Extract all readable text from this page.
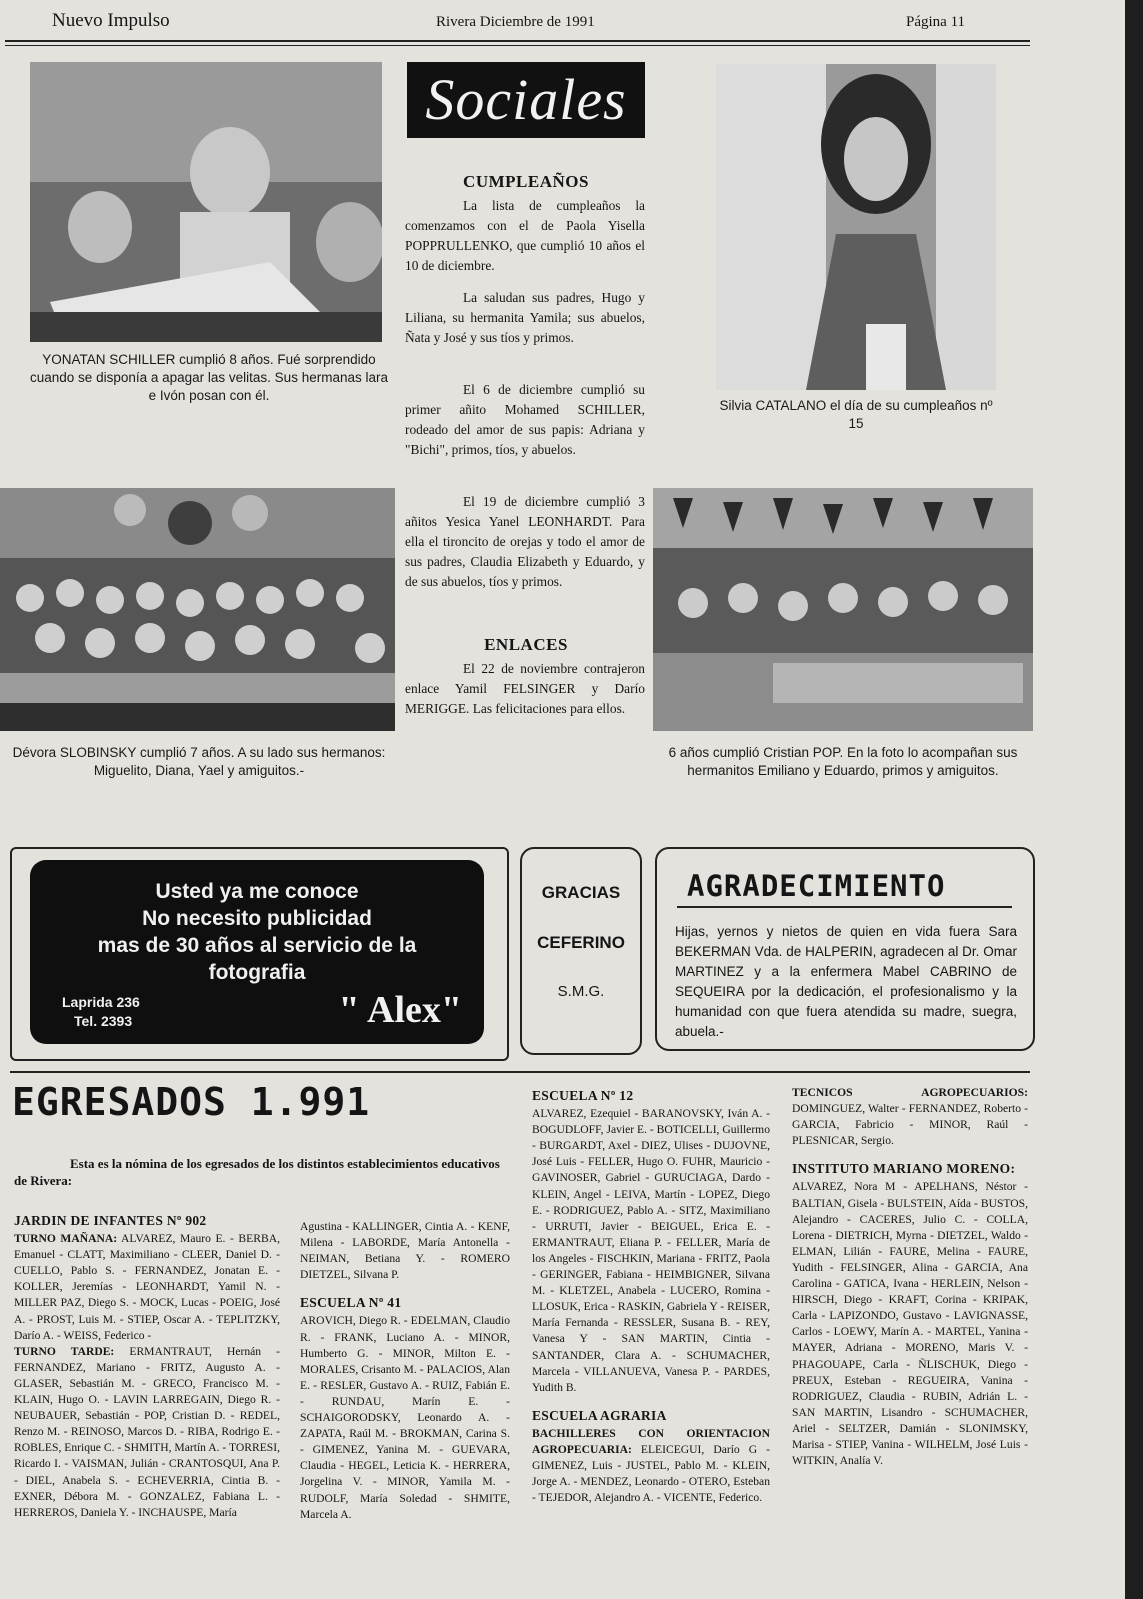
Nuevo Impulso	Rivera Diciembre de 1991	Página 11
YONATAN SCHILLER cumplió 8 años. Fué sorprendido cuando se disponía a apagar las velitas. Sus hermanas lara e Ivón posan con él.
Sociales
CUMPLEAÑOS

La lista de cumpleaños la comenzamos con el de Paola Yisella POPPRULLENKO, que cumplió 10 años el 10 de diciembre.

La saludan sus padres, Hugo y Liliana, su hermanita Yamila; sus abuelos, Ñata y José y sus tíos y primos.

El 6 de diciembre cumplió su primer añito Mohamed SCHILLER, rodeado del amor de sus papis: Adriana y "Bichi", primos, tíos, y abuelos.

El 19 de diciembre cumplió 3 añitos Yesica Yanel LEONHARDT. Para ella el tironcito de orejas y todo el amor de sus padres, Claudia Elizabeth y Eduardo, y de sus abuelos, tíos y primos.

ENLACES

El 22 de noviembre contrajeron enlace Yamil FELSINGER y Darío MERIGGE. Las felicitaciones para ellos.

Silvia CATALANO el día de su cumpleaños nº 15
Dévora SLOBINSKY cumplió 7 años. A su lado sus hermanos: Miguelito, Diana, Yael y amiguitos.-
6 años cumplió Cristian POP. En la foto lo acompañan sus hermanitos Emiliano y Eduardo, primos y amiguitos.
Usted ya me conoce
No necesito publicidad
mas de 30 años al servicio de la
fotografia
Laprida 236
Tel. 2393	" Alex"
GRACIAS
CEFERINO
S.M.G.
AGRADECIMIENTO
Hijas, yernos y nietos de quien en vida fuera Sara BEKERMAN Vda. de HALPERIN, agradecen al Dr. Omar MARTINEZ y a la enfermera Mabel CABRINO de SEQUEIRA por la dedicación, el profesionalismo y la humanidad con que fuera atendida su madre, suegra, abuela.-
EGRESADOS 1.991
Esta es la nómina de los egresados de los distintos establecimientos educativos de Rivera:
JARDIN DE INFANTES Nº 902
TURNO MAÑANA: ALVAREZ, Mauro E. - BERBA, Emanuel - CLATT, Maximiliano - CLEER, Daniel D. - CUELLO, Pablo S. - FERNANDEZ, Jonatan E. - KOLLER, Jeremías - LEONHARDT, Yamil N. - MILLER PAZ, Diego S. - MOCK, Lucas - POEIG, José A. - PROST, Luis M. - STIEP, Oscar A. - TEPLITZKY, Darío A. - WEISS, Federico -
TURNO TARDE: ERMANTRAUT, Hernán - FERNANDEZ, Mariano - FRITZ, Augusto A. - GLASER, Sebastián M. - GRECO, Francisco M. - KLAIN, Hugo O. - LAVIN LARREGAIN, Diego R. - NEUBAUER, Sebastián - POP, Cristian D. - REDEL, Renzo M. - REINOSO, Marcos D. - RIBA, Rodrigo E. - ROBLES, Enrique C. - SHMITH, Martín A. - TORRESI, Ricardo I. - VAISMAN, Julián - CRANTOSQUI, Ana P. - DIEL, Anabela S. - ECHEVERRIA, Cintia B. - EXNER, Débora M. - GONZALEZ, Fabiana L. - HERREROS, Daniela Y. - INCHAUSPE, María
Agustina - KALLINGER, Cintia A. - KENF, Milena - LABORDE, María Antonella - NEIMAN, Betiana Y. - ROMERO DIETZEL, Silvana P.
ESCUELA Nº 41
AROVICH, Diego R. - EDELMAN, Claudio R. - FRANK, Luciano A. - MINOR, Humberto G. - MINOR, Milton E. - MORALES, Crisanto M. - PALACIOS, Alan E. - RESLER, Gustavo A. - RUIZ, Fabián E. - RUNDAU, Marín E. - SCHAIGORODSKY, Leonardo A. - ZAPATA, Raúl M. - BROKMAN, Carina S. - GIMENEZ, Yanina M. - GUEVARA, Claudia - HEGEL, Leticia K. - HERRERA, Jorgelina V. - MINOR, Yamila M. - RUDOLF, María Soledad - SHMITE, Marcela A.
ESCUELA Nº 12
ALVAREZ, Ezequiel - BARANOVSKY, Iván A. - BOGUDLOFF, Javier E. - BOTICELLI, Guillermo - BURGARDT, Axel - DIEZ, Ulises - DUJOVNE, José Luis - FELLER, Hugo O. FUHR, Mauricio - GAVINOSER, Gabriel - GURUCIAGA, Dardo - KLEIN, Angel - LEIVA, Martín - LOPEZ, Diego E. - RODRIGUEZ, Pablo A. - SITZ, Maximiliano - URRUTI, Javier - BEIGUEL, Erica E. - ERMANTRAUT, Eliana P. - FELLER, María de los Angeles - FISCHKIN, Mariana - FRITZ, Paola - GERINGER, Fabiana - HEIMBIGNER, Silvana M. - KLETZEL, Anabela - LUCERO, Romina - LLOSUK, Erica - RASKIN, Gabriela Y - REISER, María Fernanda - RESSLER, Susana B. - REY, Vanesa Y - SAN MARTIN, Cintia - SANTANDER, Clara A. - SCHUMACHER, Marcela - VILLANUEVA, Vanesa P. - PARDES, Yudith B.
ESCUELA AGRARIA
BACHILLERES CON ORIENTACION AGROPECUARIA: ELEICEGUI, Darío G - GIMENEZ, Luis - JUSTEL, Pablo M. - KLEIN, Jorge A. - MENDEZ, Leonardo - OTERO, Esteban - TEJEDOR, Alejandro A. - VICENTE, Federico.
TECNICOS AGROPECUARIOS: DOMINGUEZ, Walter - FERNANDEZ, Roberto - GARCIA, Fabricio - MINOR, Raúl - PLESNICAR, Sergio.
INSTITUTO MARIANO MORENO:
ALVAREZ, Nora M - APELHANS, Néstor - BALTIAN, Gisela - BULSTEIN, Aída - BUSTOS, Alejandro - CACERES, Julio C. - COLLA, Lorena - DIETRICH, Myrna - DIETZEL, Waldo - ELMAN, Lilián - FAURE, Melina - FAURE, Yudith - FELSINGER, Alina - GARCIA, Ana Carolina - GATICA, Ivana - HERLEIN, Nelson - HIRSCH, Diego - KRAFT, Corina - KRIPAK, Carla - LAPIZONDO, Gustavo - LAVIGNASSE, Carlos - LOEWY, Marín A. - MARTEL, Yanina - MAYER, Adriana - MORENO, Maris V. - PHAGOUAPE, Carla - ÑLISCHUK, Diego - PREUX, Esteban - REGUEIRA, Vanina - RODRIGUEZ, Claudia - RUBIN, Adrián L. - SAN MARTIN, Lisandro - SCHUMACHER, Ariel - SELTZER, Damián - SLONIMSKY, Marisa - STIEP, Vanina - WILHELM, José Luis - WITKIN, Analía V.
